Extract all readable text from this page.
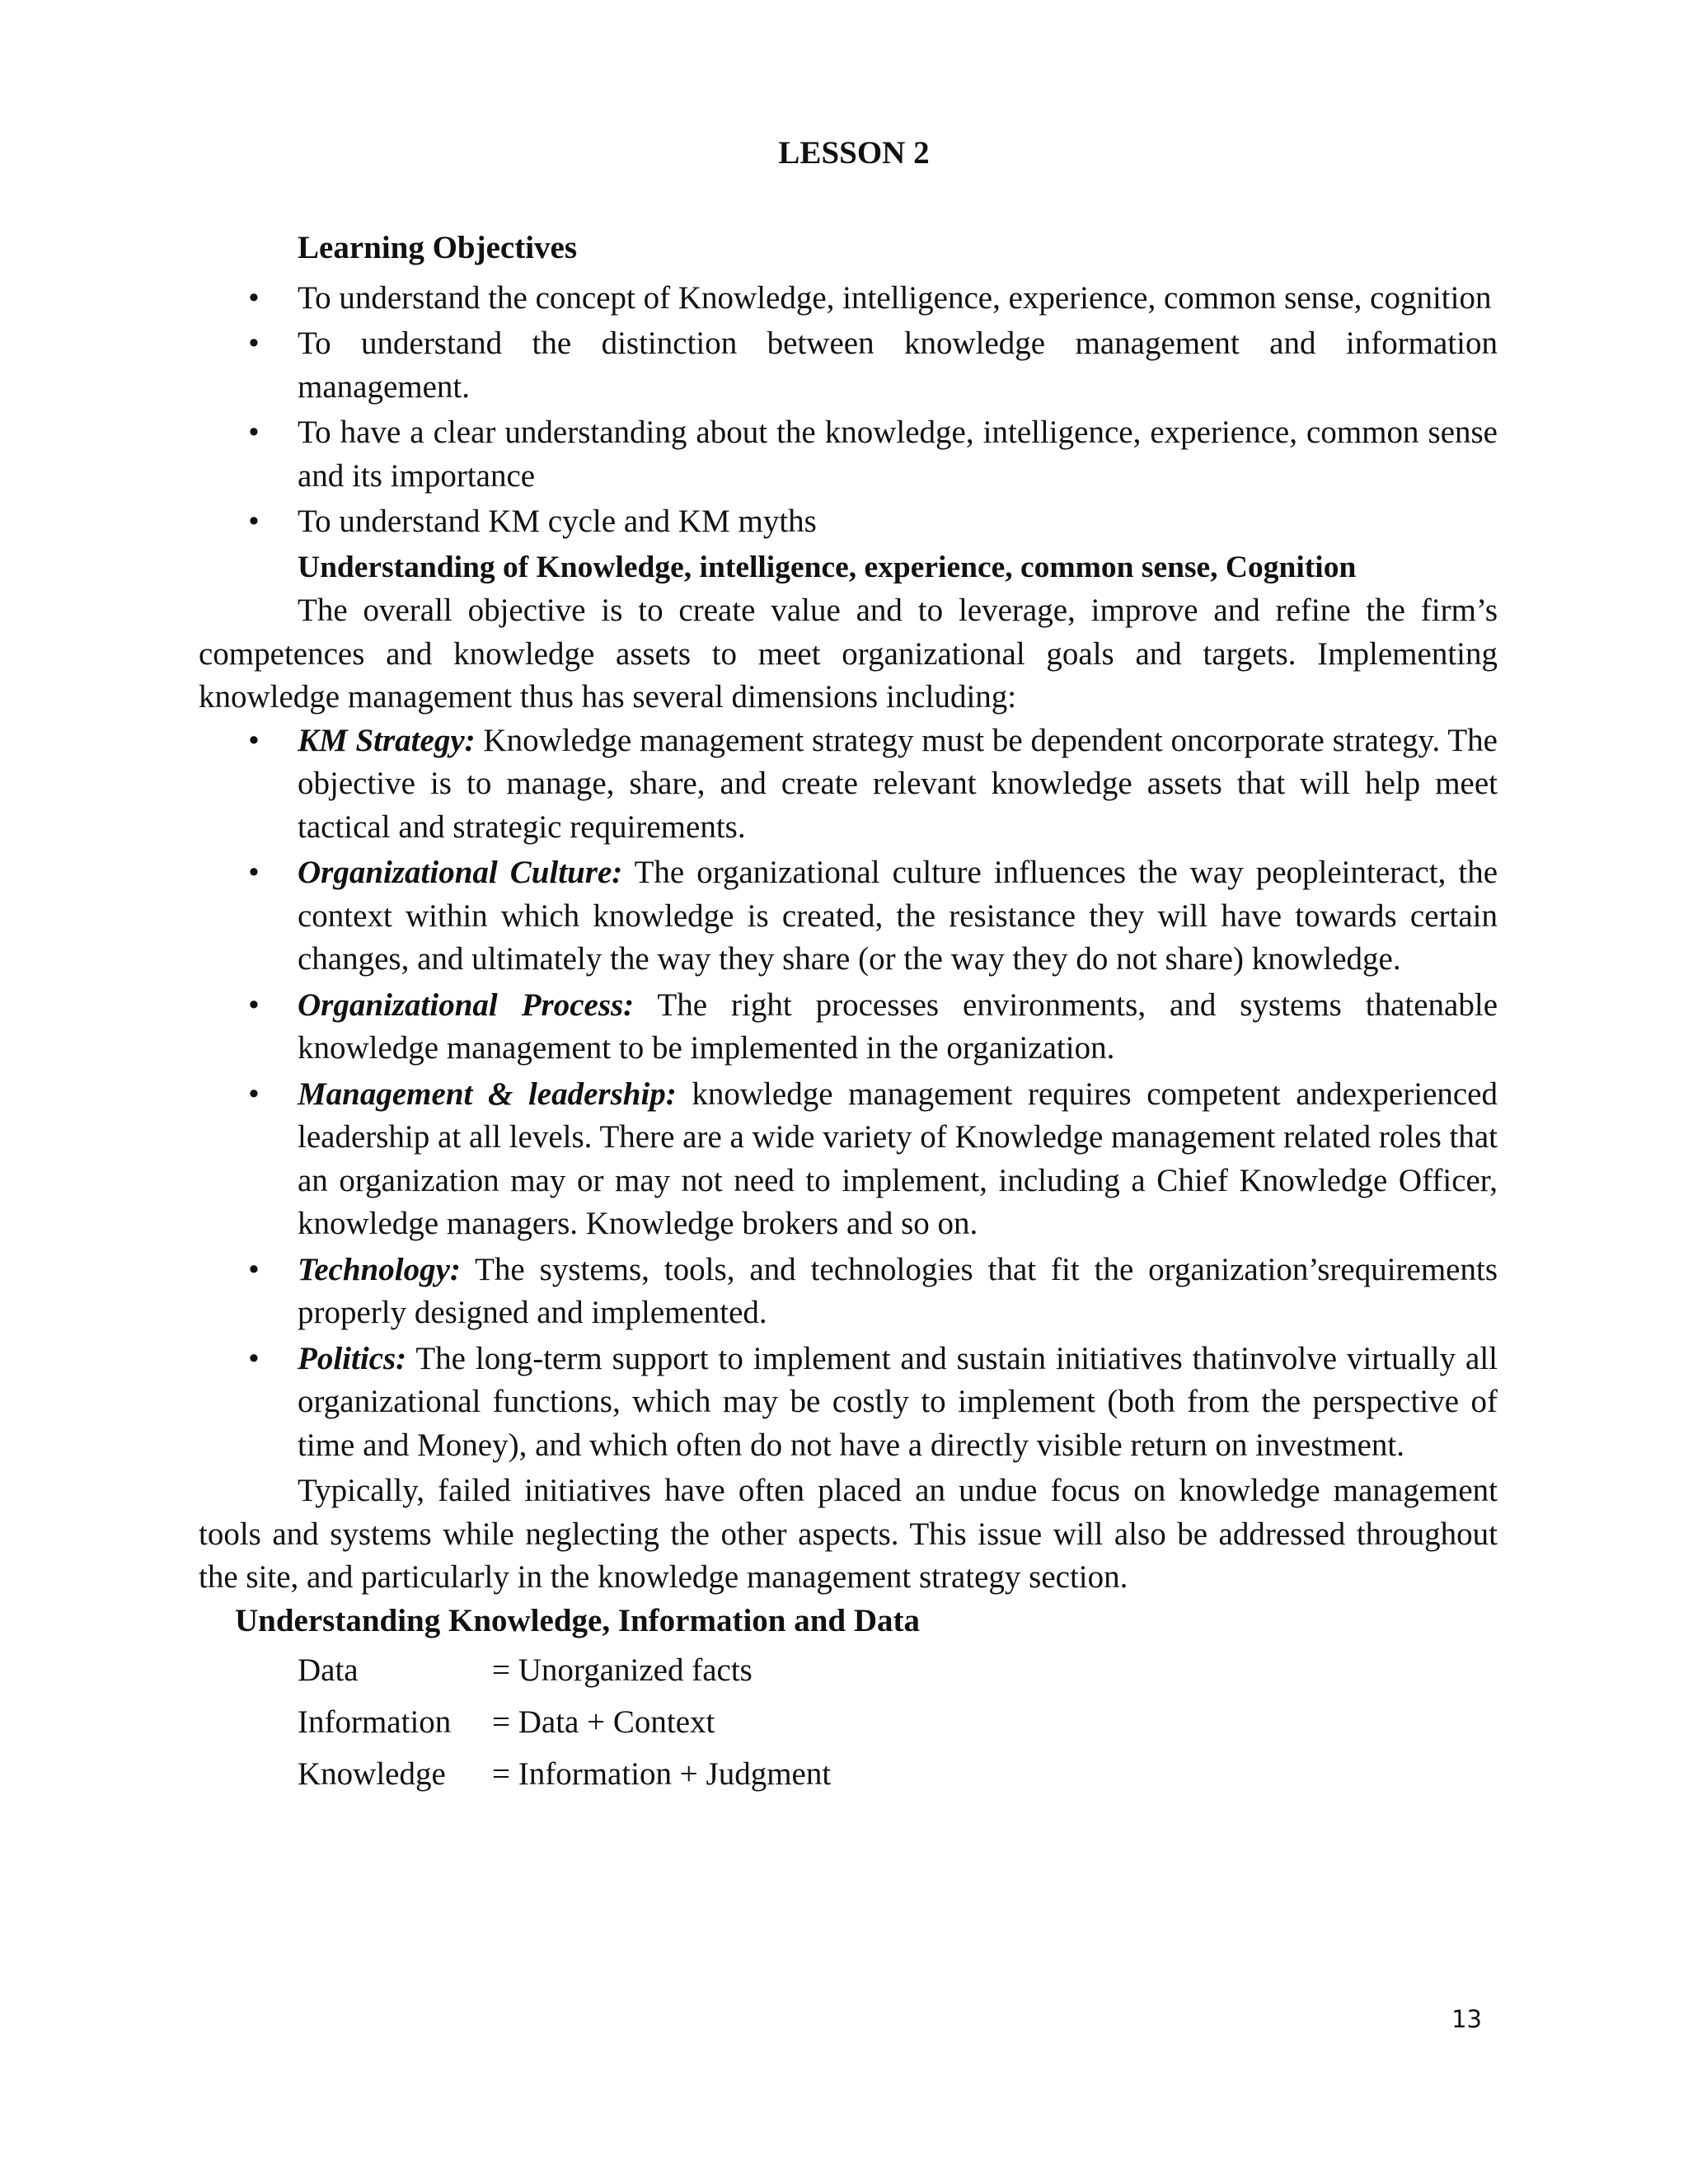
LESSON 2
Learning Objectives
• To understand the concept of Knowledge, intelligence, experience, common sense, cognition
• To understand the distinction between knowledge management and information management.
• To have a clear understanding about the knowledge, intelligence, experience, common sense and its importance
• To understand KM cycle and KM myths
Understanding of Knowledge, intelligence, experience, common sense, Cognition

The overall objective is to create value and to leverage, improve and refine the firm’s competences and knowledge assets to meet organizational goals and targets. Implementing knowledge management thus has several dimensions including:

• KM Strategy: Knowledge management strategy must be dependent oncorporate strategy. The objective is to manage, share, and create relevant knowledge assets that will help meet tactical and strategic requirements.
• Organizational Culture: The organizational culture influences the way peopleinteract, the context within which knowledge is created, the resistance they will have towards certain changes, and ultimately the way they share (or the way they do not share) knowledge.
• Organizational Process: The right processes environments, and systems thatenable knowledge management to be implemented in the organization.
• Management & leadership: knowledge management requires competent andexperienced leadership at all levels. There are a wide variety of Knowledge management related roles that an organization may or may not need to implement, including a Chief Knowledge Officer, knowledge managers. Knowledge brokers and so on.
• Technology: The systems, tools, and technologies that fit the organization’srequirements properly designed and implemented.
• Politics: The long-term support to implement and sustain initiatives thatinvolve virtually all organizational functions, which may be costly to implement (both from the perspective of time and Money), and which often do not have a directly visible return on investment.

Typically, failed initiatives have often placed an undue focus on knowledge management tools and systems while neglecting the other aspects. This issue will also be addressed throughout the site, and particularly in the knowledge management strategy section.

Understanding Knowledge, Information and Data
Data	= Unorganized facts
Information	= Data + Context
Knowledge	= Information + Judgment
13
